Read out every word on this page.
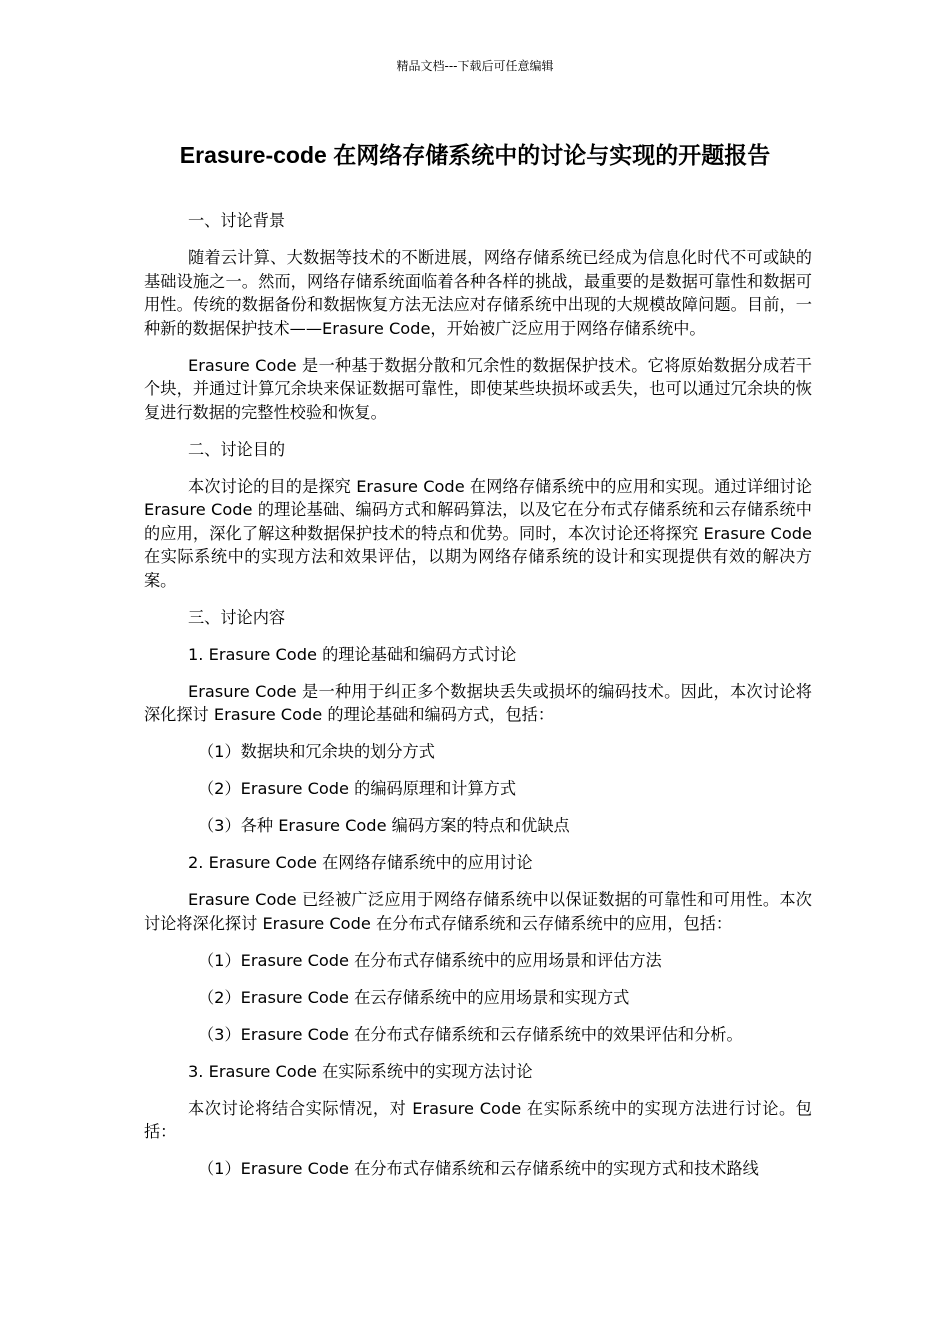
精品文档---下载后可任意编辑
Erasure-code 在网络存储系统中的讨论与实现的开题报告

一、讨论背景

随着云计算、大数据等技术的不断进展，网络存储系统已经成为信息化时代不可或缺的基础设施之一。然而，网络存储系统面临着各种各样的挑战，最重要的是数据可靠性和数据可用性。传统的数据备份和数据恢复方法无法应对存储系统中出现的大规模故障问题。目前，一种新的数据保护技术——Erasure Code，开始被广泛应用于网络存储系统中。

Erasure Code 是一种基于数据分散和冗余性的数据保护技术。它将原始数据分成若干个块，并通过计算冗余块来保证数据可靠性，即使某些块损坏或丢失，也可以通过冗余块的恢复进行数据的完整性校验和恢复。

二、讨论目的

本次讨论的目的是探究 Erasure Code 在网络存储系统中的应用和实现。通过详细讨论 Erasure Code 的理论基础、编码方式和解码算法，以及它在分布式存储系统和云存储系统中的应用，深化了解这种数据保护技术的特点和优势。同时，本次讨论还将探究 Erasure Code 在实际系统中的实现方法和效果评估，以期为网络存储系统的设计和实现提供有效的解决方案。

三、讨论内容

1. Erasure Code 的理论基础和编码方式讨论

Erasure Code 是一种用于纠正多个数据块丢失或损坏的编码技术。因此，本次讨论将深化探讨 Erasure Code 的理论基础和编码方式，包括：

（1）数据块和冗余块的划分方式

（2）Erasure Code 的编码原理和计算方式

（3）各种 Erasure Code 编码方案的特点和优缺点

2. Erasure Code 在网络存储系统中的应用讨论

Erasure Code 已经被广泛应用于网络存储系统中以保证数据的可靠性和可用性。本次讨论将深化探讨 Erasure Code 在分布式存储系统和云存储系统中的应用，包括：

（1）Erasure Code 在分布式存储系统中的应用场景和评估方法

（2）Erasure Code 在云存储系统中的应用场景和实现方式

（3）Erasure Code 在分布式存储系统和云存储系统中的效果评估和分析。

3. Erasure Code 在实际系统中的实现方法讨论

本次讨论将结合实际情况，对 Erasure Code 在实际系统中的实现方法进行讨论。包括：

（1）Erasure Code 在分布式存储系统和云存储系统中的实现方式和技术路线
